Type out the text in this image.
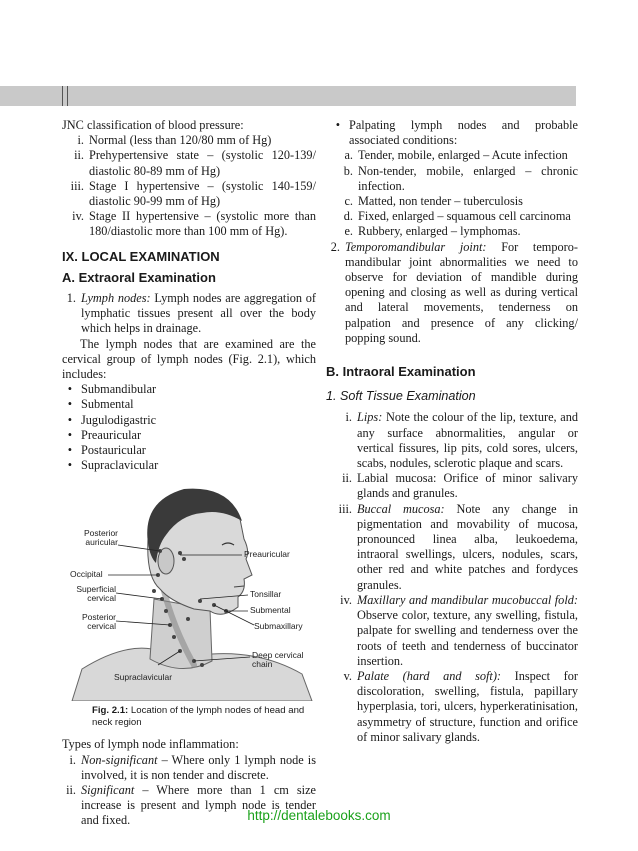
JNC classification of blood pressure:

i. Normal (less than 120/80 mm of Hg)
ii. Prehypertensive state – (systolic 120-139/ diastolic 80-89 mm of Hg)
iii. Stage I hypertensive – (systolic 140-159/ diastolic 90-99 mm of Hg)
iv. Stage II hypertensive – (systolic more than 180/diastolic more than 100 mm of Hg).
IX. LOCAL EXAMINATION
A. Extraoral Examination
1. Lymph nodes: Lymph nodes are aggregation of lymphatic tissues present all over the body which helps in drainage.

The lymph nodes that are examined are the cervical group of lymph nodes (Fig. 2.1), which includes:

• Submandibular
• Submental
• Jugulodigastric
• Preauricular
• Postauricular
• Supraclavicular
Posterior auricular
Occipital
Superficial cervical
Posterior cervical
Supraclavicular
Preauricular
Tonsillar
Submental
Submaxillary
Deep cervical chain
Fig. 2.1: Location of the lymph nodes of head and neck region

Types of lymph node inflammation:

i. Non-significant – Where only 1 lymph node is involved, it is non tender and discrete.
ii. Significant – Where more than 1 cm size increase is present and lymph node is tender and fixed.
• Palpating lymph nodes and probable associated conditions:
a. Tender, mobile, enlarged – Acute infection
b. Non-tender, mobile, enlarged – chronic infection.
c. Matted, non tender – tuberculosis
d. Fixed, enlarged – squamous cell carcinoma
e. Rubbery, enlarged – lymphomas.
2. Temporomandibular joint: For temporo-mandibular joint abnormalities we need to observe for deviation of mandible during opening and closing as well as during vertical and lateral movements, tenderness on palpation and presence of any clicking/ popping sound.
B. Intraoral Examination
1. Soft Tissue Examination
i. Lips: Note the colour of the lip, texture, and any surface abnormalities, angular or vertical fissures, lip pits, cold sores, ulcers, scabs, nodules, sclerotic plaque and scars.
ii. Labial mucosa: Orifice of minor salivary glands and granules.
iii. Buccal mucosa: Note any change in pigmentation and movability of mucosa, pronounced linea alba, leukoedema, intraoral swellings, ulcers, nodules, scars, other red and white patches and fordyces granules.
iv. Maxillary and mandibular mucobuccal fold: Observe color, texture, any swelling, fistula, palpate for swelling and tenderness over the roots of teeth and tenderness of buccinator insertion.
v. Palate (hard and soft): Inspect for discoloration, swelling, fistula, papillary hyperplasia, tori, ulcers, hyperkeratinisation, asymmetry of structure, function and orifice of minor salivary glands.
http://dentalebooks.com
